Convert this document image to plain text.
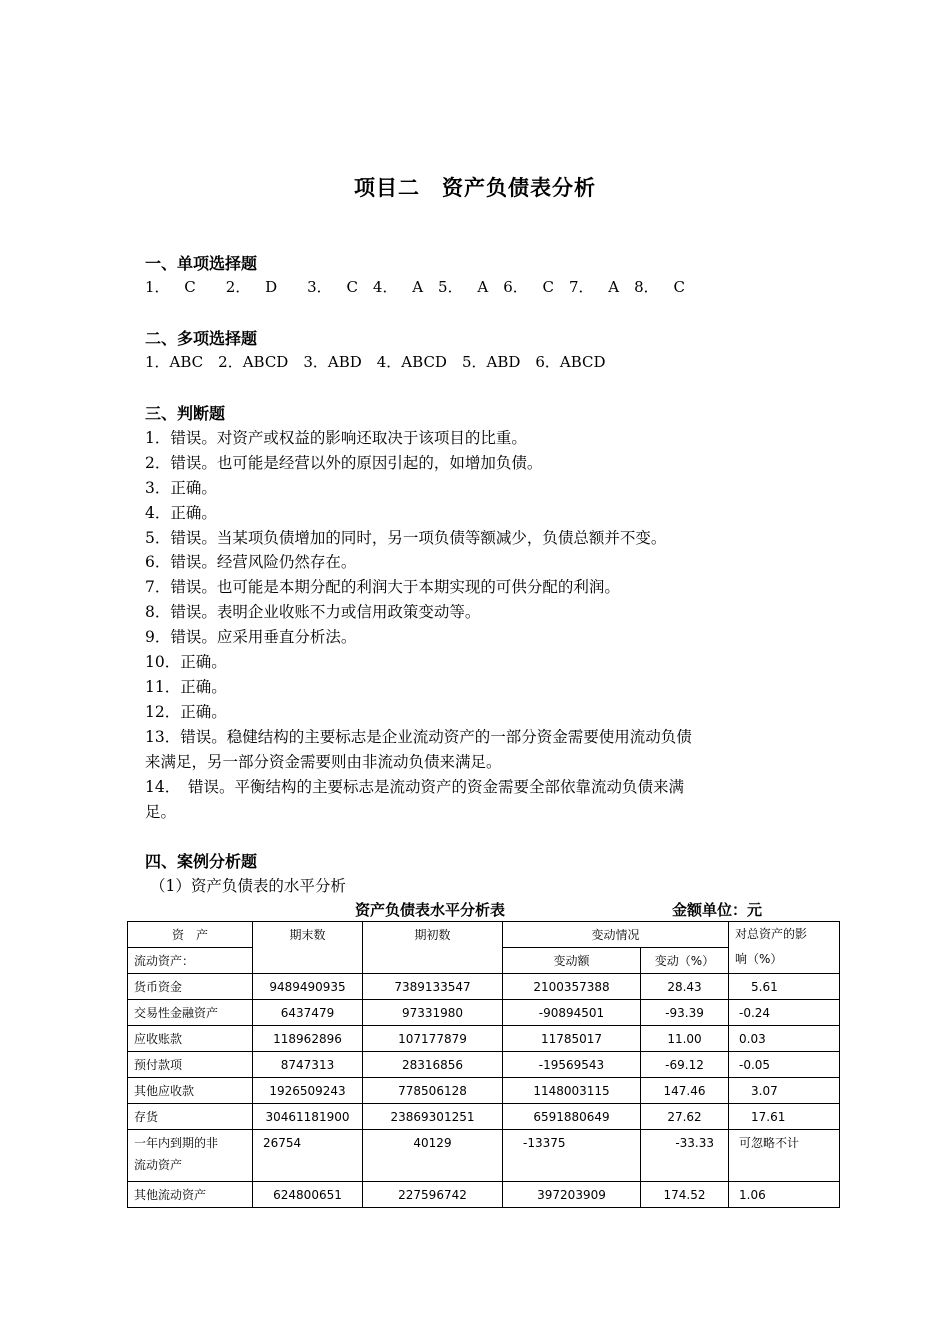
项目二　资产负债表分析
一、单项选择题
1． C　　2． D　　3． C　4． A　5． A　6． C　7． A　8． C
二、多项选择题
1．ABC　2．ABCD　3．ABD　4．ABCD　5．ABD　6．ABCD
三、判断题
1．错误。对资产或权益的影响还取决于该项目的比重。
2．错误。也可能是经营以外的原因引起的，如增加负债。
3．正确。
4．正确。
5．错误。当某项负债增加的同时，另一项负债等额减少，负债总额并不变。
6．错误。经营风险仍然存在。
7．错误。也可能是本期分配的利润大于本期实现的可供分配的利润。
8．错误。表明企业收账不力或信用政策变动等。
9．错误。应采用垂直分析法。
10．正确。
11．正确。
12．正确。
13．错误。稳健结构的主要标志是企业流动资产的一部分资金需要使用流动负债
来满足，另一部分资金需要则由非流动负债来满足。
14．　错误。平衡结构的主要标志是流动资产的资金需要全部依靠流动负债来满
足。
四、案例分析题
（1）资产负债表的水平分析
资产负债表水平分析表	金额单位：元
资　产	期末数	期初数	变动情况		对总资产的影
响（%）
流动资产：			变动额	变动（%）	
货币资金	9489490935	7389133547	2100357388	28.43	5.61
交易性金融资产	6437479	97331980	-90894501	-93.39	-0.24
应收账款	118962896	107177879	11785017	11.00	0.03
预付款项	8747313	28316856	-19569543	-69.12	-0.05
其他应收款	1926509243	778506128	1148003115	147.46	3.07
存货	30461181900	23869301251	6591880649	27.62	17.61
一年内到期的非
流动资产	26754	40129	-13375	-33.33	可忽略不计
其他流动资产	624800651	227596742	397203909	174.52	1.06
